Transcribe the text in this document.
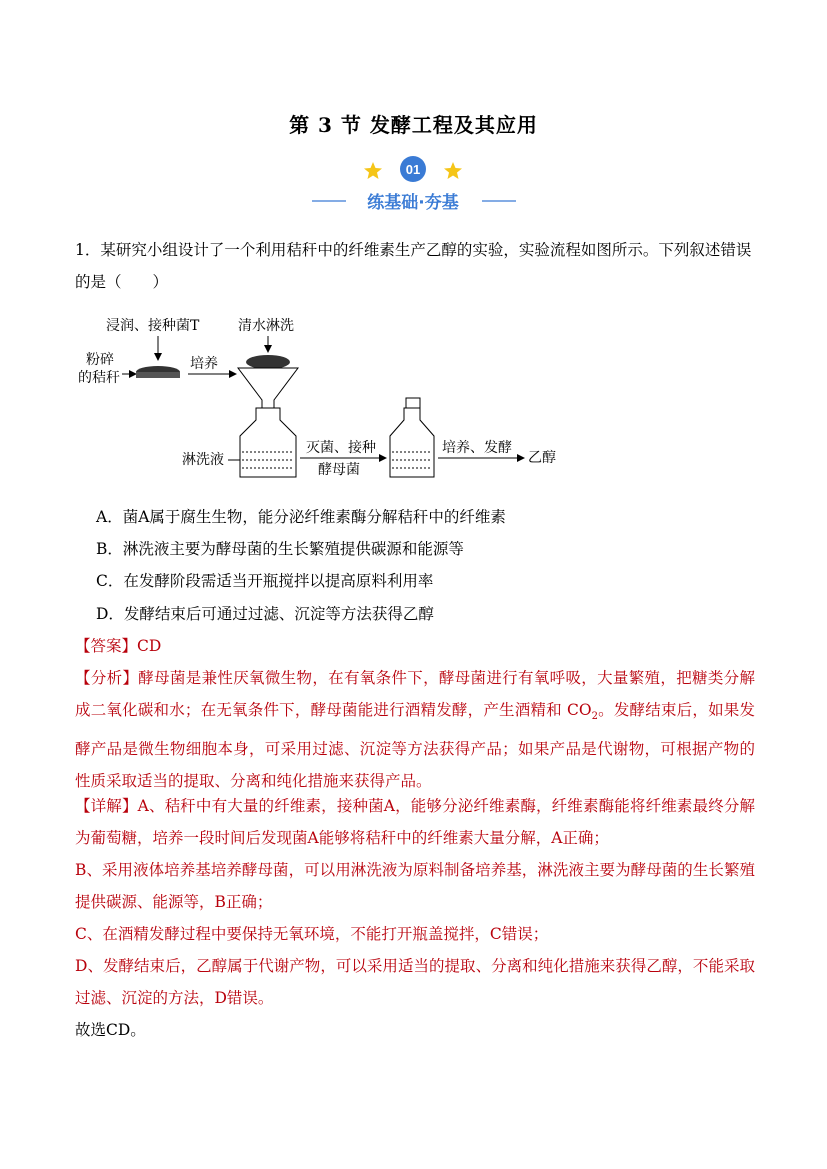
第 3 节 发酵工程及其应用
01
练基础·夯基
1．某研究小组设计了一个利用秸秆中的纤维素生产乙醇的实验，实验流程如图所示。下列叙述错误的是（　　）
浸润、接种菌T	清水淋洗
粉碎
的秸秆
培养
淋洗液
灭菌、接种
酵母菌
培养、发酵
乙醇
A．菌A属于腐生生物，能分泌纤维素酶分解秸秆中的纤维素
B．淋洗液主要为酵母菌的生长繁殖提供碳源和能源等
C．在发酵阶段需适当开瓶搅拌以提高原料利用率
D．发酵结束后可通过过滤、沉淀等方法获得乙醇
【答案】CD
【分析】酵母菌是兼性厌氧微生物，在有氧条件下，酵母菌进行有氧呼吸，大量繁殖，把糖类分解成二氧化碳和水；在无氧条件下，酵母菌能进行酒精发酵，产生酒精和 $CO_2$。发酵结束后，如果发酵产品是微生物细胞本身，可采用过滤、沉淀等方法获得产品；如果产品是代谢物，可根据产物的性质采取适当的提取、分离和纯化措施来获得产品。
【详解】A、秸秆中有大量的纤维素，接种菌A，能够分泌纤维素酶，纤维素酶能将纤维素最终分解为葡萄糖，培养一段时间后发现菌A能够将秸秆中的纤维素大量分解，A正确；
B、采用液体培养基培养酵母菌，可以用淋洗液为原料制备培养基，淋洗液主要为酵母菌的生长繁殖提供碳源、能源等，B正确；
C、在酒精发酵过程中要保持无氧环境，不能打开瓶盖搅拌，C错误；
D、发酵结束后，乙醇属于代谢产物，可以采用适当的提取、分离和纯化措施来获得乙醇，不能采取过滤、沉淀的方法，D错误。
故选CD。
